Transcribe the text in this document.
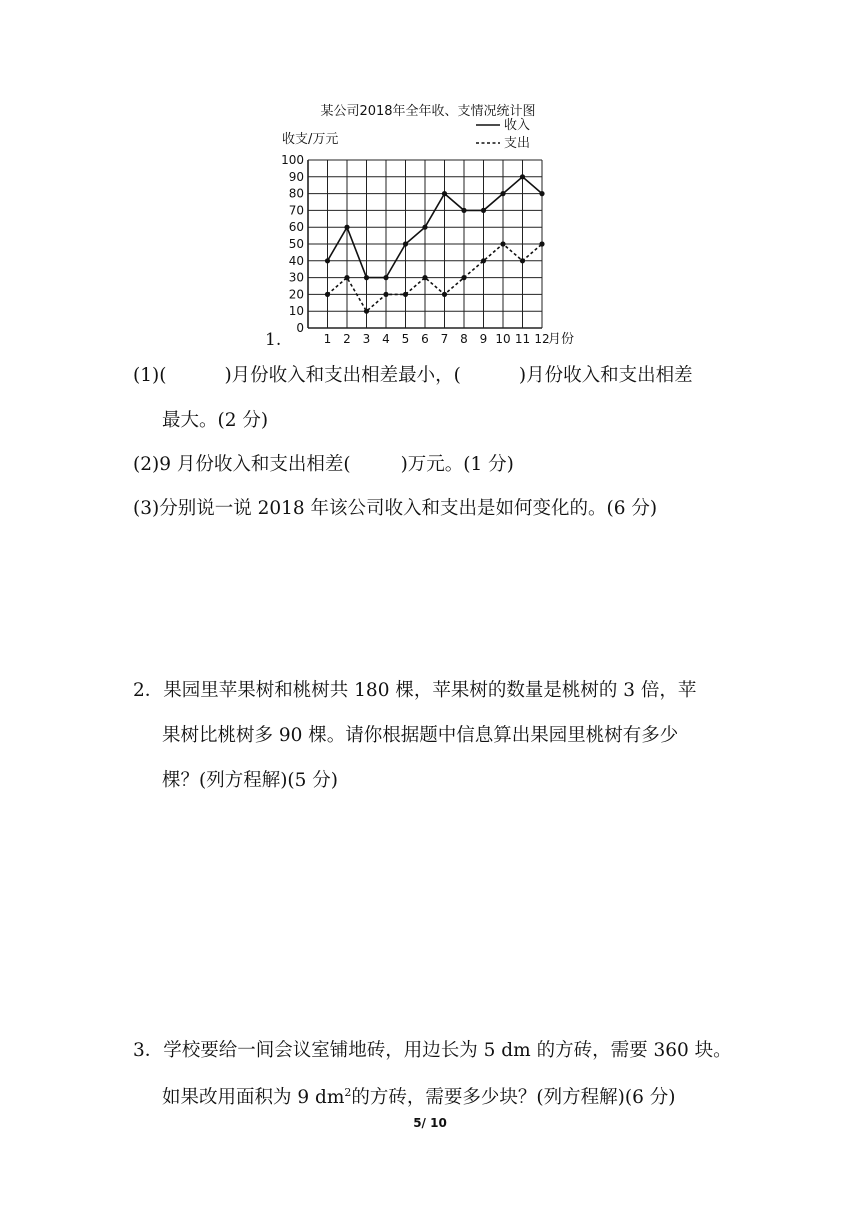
某公司2018年全年收、支情况统计图
收支/万元
收入
支出
0
10
20
30
40
50
60
70
80
90
100
1 2 3 4 5 6 7 8 9 10 11 12
月份
1.
(1)(	)月份收入和支出相差最小，(	)月份收入和支出相差
最大。(2 分)
(2)9 月份收入和支出相差(	)万元。(1 分)
(3)分别说一说 2018 年该公司收入和支出是如何变化的。(6 分)
2．果园里苹果树和桃树共 180 棵，苹果树的数量是桃树的 3 倍，苹
果树比桃树多 90 棵。请你根据题中信息算出果园里桃树有多少
棵？(列方程解)(5 分)
3．学校要给一间会议室铺地砖，用边长为 5 dm 的方砖，需要 360 块。
如果改用面积为 9 $dm^2$的方砖，需要多少块？(列方程解)(6 分)
5/ 10
